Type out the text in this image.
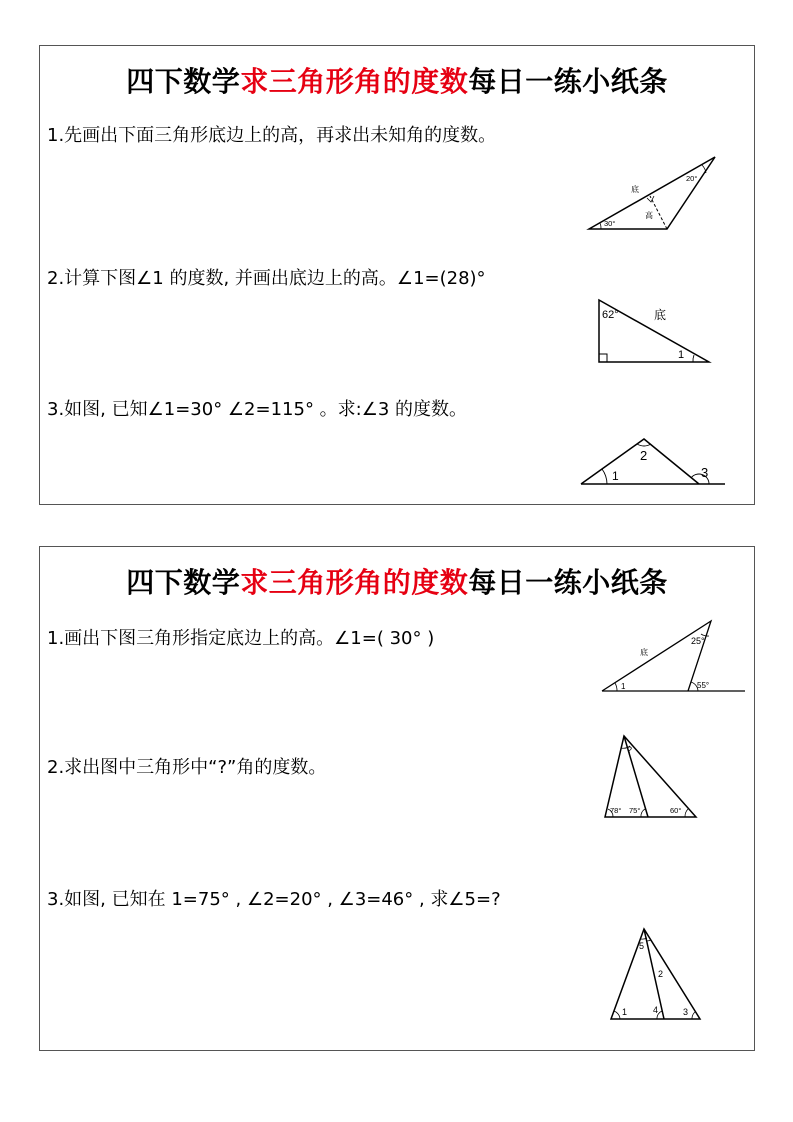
四下数学求三角形角的度数每日一练小纸条
1.先画出下面三角形底边上的高，再求出未知角的度数。
底
高
20°
30°
2.计算下图∠1 的度数, 并画出底边上的高。∠1=(28)°
62°	底
1
3.如图, 已知∠1=30° ∠2=115° 。求:∠3 的度数。
1
2
3
四下数学求三角形角的度数每日一练小纸条
1.画出下图三角形指定底边上的高。∠1=( 30° )
底
25°
55°
1
2.求出图中三角形中“?”角的度数。
?
78° 75°	60°
3.如图, 已知在 1=75° , ∠2=20° , ∠3=46° , 求∠5=?
1
2
3
4
5
